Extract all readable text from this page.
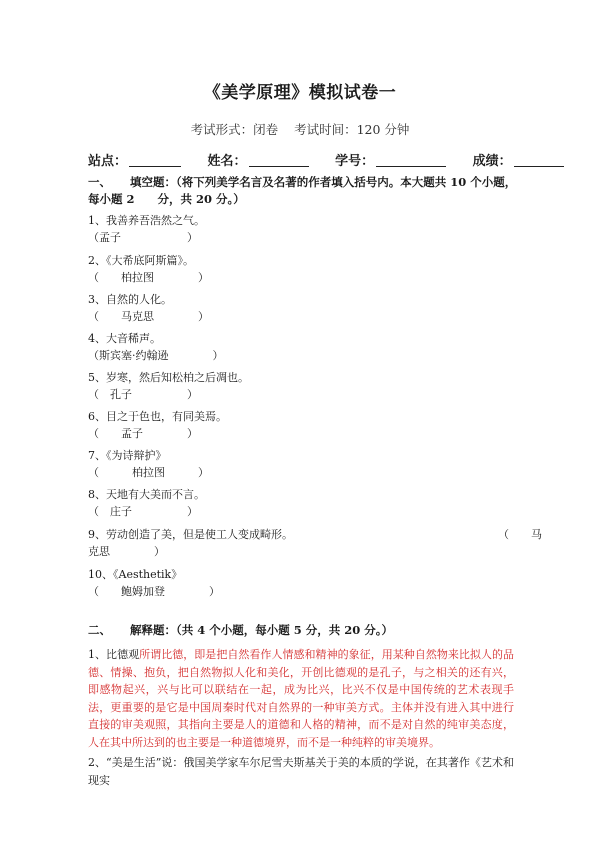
《美学原理》模拟试卷一
考试形式：闭卷 考试时间：120 分钟
站点：	姓名：	学号：	成绩：
一、 填空题：（将下列美学名言及名著的作者填入括号内。本大题共 10 个小题，每小题 2　　分，共 20 分。）
1、我善养吾浩然之气。
（孟子　　　　　　）
2、《大希底阿斯篇》。
（　　柏拉图　　　　）
3、自然的人化。
（　　马克思　　　　）
4、大音稀声。
（斯宾塞·约翰逊　　　　）
5、岁寒，然后知松柏之后凋也。
（　孔子　　　　　）
6、目之于色也，有同美焉。
（　　孟子　　　　）
7、《为诗辩护》
（　　　柏拉图　　　）
8、天地有大美而不言。
（　庄子　　　　　）
9、劳动创造了美，但是使工人变成畸形。
克思　　　　）
（　　马
10、《Aesthetik》
（　　鲍姆加登　　　　）
二、 解释题：（共 4 个小题，每小题 5 分，共 20 分。）
1、比德观所谓比德，即是把自然看作人情感和精神的象征，用某种自然物来比拟人的品德、情操、抱负，把自然物拟人化和美化，开创比德观的是孔子，与之相关的还有兴，即感物起兴，兴与比可以联结在一起，成为比兴，比兴不仅是中国传统的艺术表现手法，更重要的是它是中国周秦时代对自然界的一种审美方式。主体并没有进入其中进行直接的审美观照，其指向主要是人的道德和人格的精神，而不是对自然的纯审美态度，人在其中所达到的也主要是一种道德境界，而不是一种纯粹的审美境界。
2、“美是生活”说：俄国美学家车尔尼雪夫斯基关于美的本质的学说，在其著作《艺术和现实
